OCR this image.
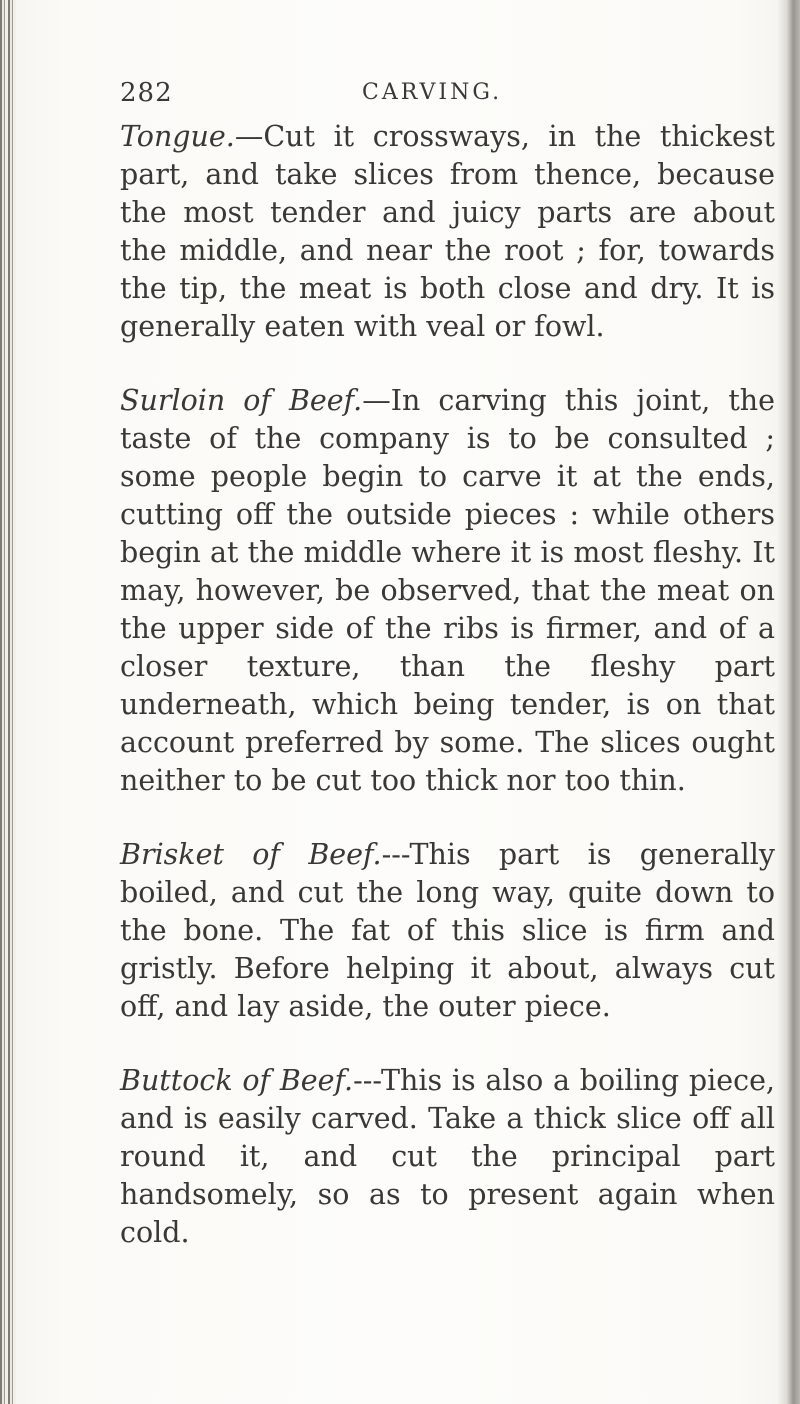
282	CARVING.

Tongue.—Cut it crossways, in the thickest part, and take slices from thence, because the most tender and juicy parts are about the middle, and near the root ; for, towards the tip, the meat is both close and dry. It is generally eaten with veal or fowl.

Surloin of Beef.—In carving this joint, the taste of the company is to be consulted ; some people begin to carve it at the ends, cutting off the outside pieces : while others begin at the middle where it is most fleshy. It may, however, be observed, that the meat on the upper side of the ribs is firmer, and of a closer texture, than the fleshy part underneath, which being tender, is on that account preferred by some. The slices ought neither to be cut too thick nor too thin.

Brisket of Beef.---This part is generally boiled, and cut the long way, quite down to the bone. The fat of this slice is firm and gristly. Before helping it about, always cut off, and lay aside, the outer piece.

Buttock of Beef.---This is also a boiling piece, and is easily carved. Take a thick slice off all round it, and cut the principal part handsomely, so as to present again when cold.
